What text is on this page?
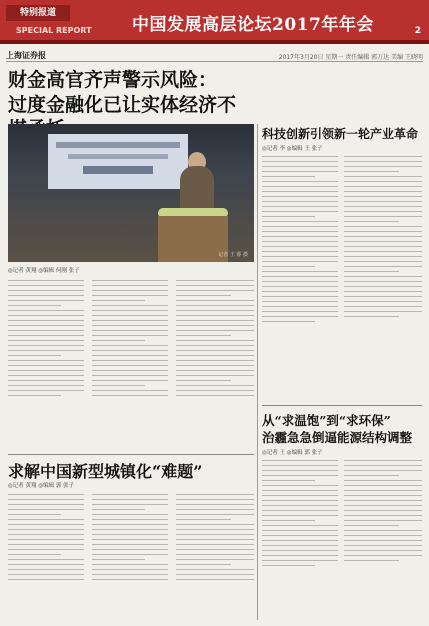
特别报道
SPECIAL REPORT 中国发展高层论坛2017年年会	2
上海证券报	2017年3月20日 星期一 责任编辑 郭万达 美编 王晓明
财金高官齐声警示风险：
过度金融化已让实体经济不
记者 王 睿 摄
◎记者 黄翔 ◎编辑 何刚 张子
求解中国新型城镇化“难题”
◎记者 黄翔 ◎编辑 郭 张子
科技创新引领新一轮产业革命
◎记者 李 ◎编辑 王 张子
从“求温饱”到“求环保”
治霾急急倒逼能源结构调整
◎记者 王 ◎编辑 郭 张子
